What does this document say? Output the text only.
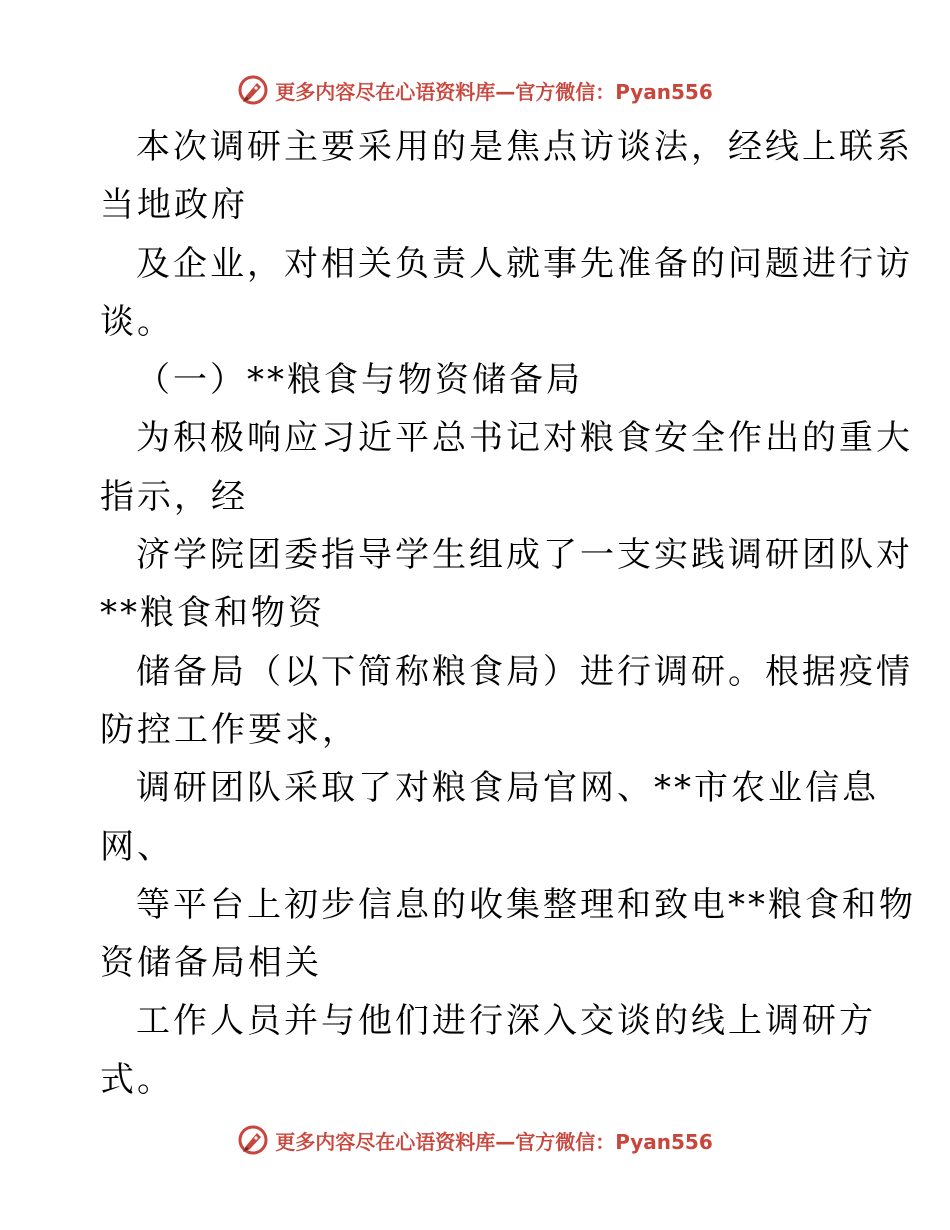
更多内容尽在心语资料库—官方微信：Pyan556
本次调研主要采用的是焦点访谈法，经线上联系
当地政府
及企业，对相关负责人就事先准备的问题进行访
谈。
（一）**粮食与物资储备局
为积极响应习近平总书记对粮食安全作出的重大
指示，经
济学院团委指导学生组成了一支实践调研团队对
**粮食和物资
储备局（以下简称粮食局）进行调研。根据疫情
防控工作要求，
调研团队采取了对粮食局官网、**市农业信息
网、
等平台上初步信息的收集整理和致电**粮食和物
资储备局相关
工作人员并与他们进行深入交谈的线上调研方
式。
更多内容尽在心语资料库—官方微信：Pyan556
